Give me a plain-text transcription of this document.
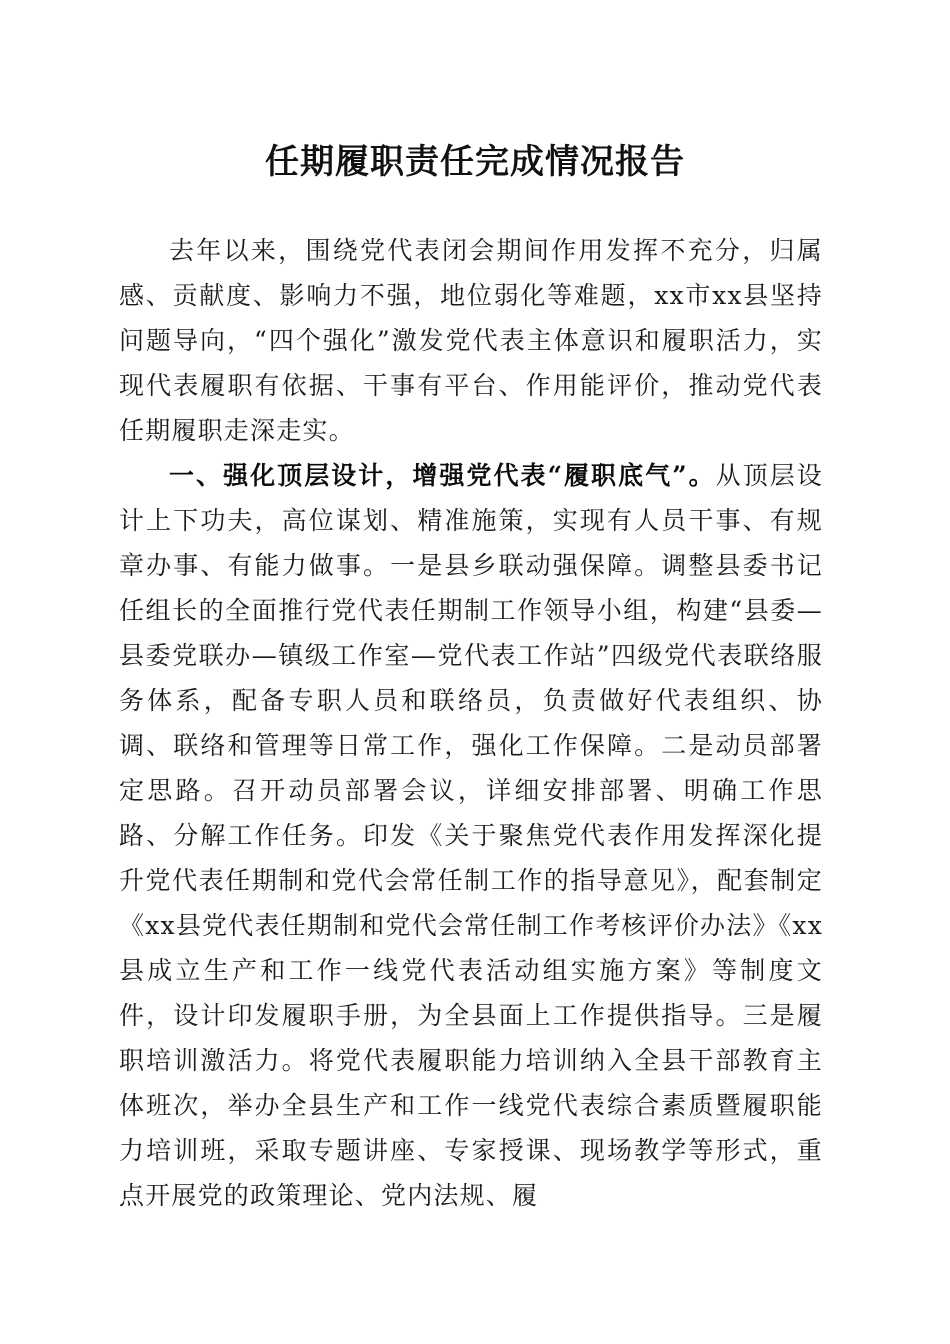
任期履职责任完成情况报告

去年以来，围绕党代表闭会期间作用发挥不充分，归属感、贡献度、影响力不强，地位弱化等难题，xx市xx县坚持问题导向，“四个强化”激发党代表主体意识和履职活力，实现代表履职有依据、干事有平台、作用能评价，推动党代表任期履职走深走实。

一、强化顶层设计，增强党代表“履职底气”。从顶层设计上下功夫，高位谋划、精准施策，实现有人员干事、有规章办事、有能力做事。一是县乡联动强保障。调整县委书记任组长的全面推行党代表任期制工作领导小组，构建“县委—县委党联办—镇级工作室—党代表工作站”四级党代表联络服务体系，配备专职人员和联络员，负责做好代表组织、协调、联络和管理等日常工作，强化工作保障。二是动员部署定思路。召开动员部署会议，详细安排部署、明确工作思路、分解工作任务。印发《关于聚焦党代表作用发挥深化提升党代表任期制和党代会常任制工作的指导意见》，配套制定《xx县党代表任期制和党代会常任制工作考核评价办法》《xx县成立生产和工作一线党代表活动组实施方案》等制度文件，设计印发履职手册，为全县面上工作提供指导。三是履职培训激活力。将党代表履职能力培训纳入全县干部教育主体班次，举办全县生产和工作一线党代表综合素质暨履职能力培训班，采取专题讲座、专家授课、现场教学等形式，重点开展党的政策理论、党内法规、履
